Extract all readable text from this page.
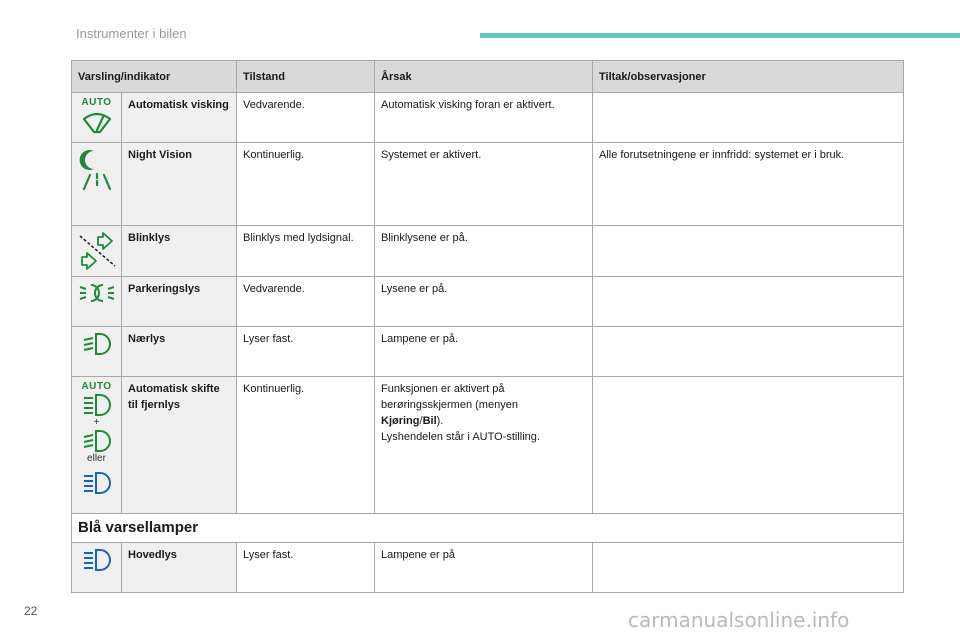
Instrumenter i bilen
Varsling/indikator		Tilstand	Årsak	Tiltak/observasjoner

AUTO	Automatisk visking	Vedvarende.	Automatisk visking foran er aktivert.	

	Night Vision	Kontinuerlig.	Systemet er aktivert.	Alle forutsetningene er innfridd: systemet er i bruk.

	Blinklys	Blinklys med lydsignal.	Blinklysene er på.	

	Parkeringslys	Vedvarende.	Lysene er på.	

	Nærlys	Lyser fast.	Lampene er på.	

AUTO
+
eller	Automatisk skifte til fjernlys	Kontinuerlig.	Funksjonen er aktivert på
berøringsskjermen (menyen
Kjøring/Bil).
Lyshendelen står i AUTO-stilling.	
Blå varsellamper				

	Hovedlys	Lyser fast.	Lampene er på	
22	carmanualsonline.info
